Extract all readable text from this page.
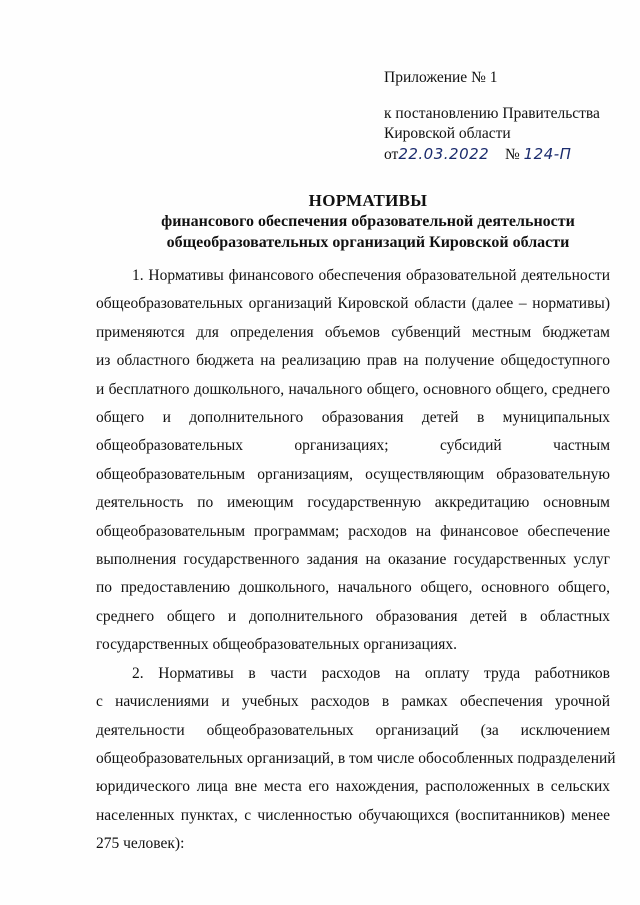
Приложение № 1
к постановлению Правительства
Кировской области
от22.03.2022 № 124-П
НОРМАТИВЫ
финансового обеспечения образовательной деятельности
общеобразовательных организаций Кировской области
1. Нормативы финансового обеспечения образовательной деятельности
общеобразовательных организаций Кировской области (далее – нормативы)
применяются для определения объемов субвенций местным бюджетам
из областного бюджета на реализацию прав на получение общедоступного
и бесплатного дошкольного, начального общего, основного общего, среднего
общего и дополнительного образования детей в муниципальных
общеобразовательных организациях; субсидий частным
общеобразовательным организациям, осуществляющим образовательную
деятельность по имеющим государственную аккредитацию основным
общеобразовательным программам; расходов на финансовое обеспечение
выполнения государственного задания на оказание государственных услуг
по предоставлению дошкольного, начального общего, основного общего,
среднего общего и дополнительного образования детей в областных
государственных общеобразовательных организациях.
2. Нормативы в части расходов на оплату труда работников
с начислениями и учебных расходов в рамках обеспечения урочной
деятельности общеобразовательных организаций (за исключением
общеобразовательных организаций, в том числе обособленных подразделений
юридического лица вне места его нахождения, расположенных в сельских
населенных пунктах, с численностью обучающихся (воспитанников) менее
275 человек):
